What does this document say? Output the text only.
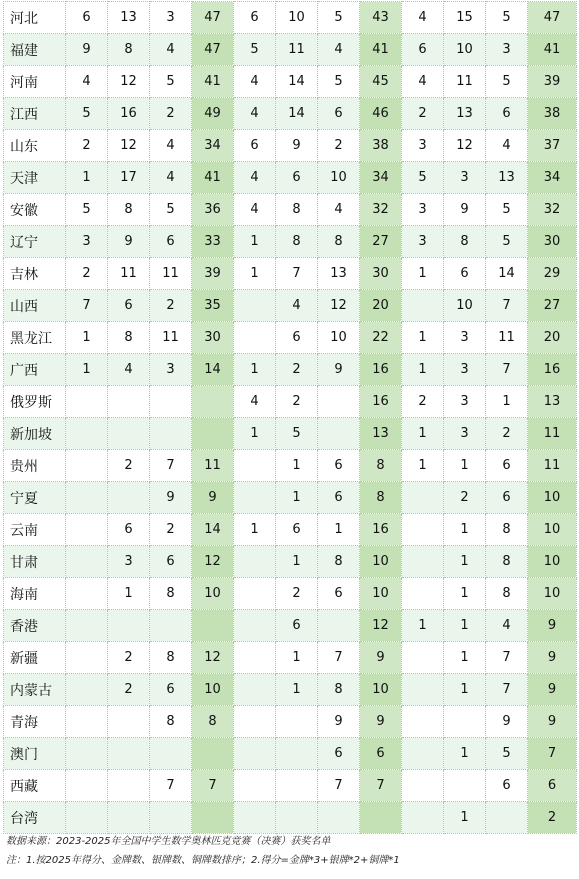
河北	6	13	3	47	6	10	5	43	4	15	5	47
福建	9	8	4	47	5	11	4	41	6	10	3	41
河南	4	12	5	41	4	14	5	45	4	11	5	39
江西	5	16	2	49	4	14	6	46	2	13	6	38
山东	2	12	4	34	6	9	2	38	3	12	4	37
天津	1	17	4	41	4	6	10	34	5	3	13	34
安徽	5	8	5	36	4	8	4	32	3	9	5	32
辽宁	3	9	6	33	1	8	8	27	3	8	5	30
吉林	2	11	11	39	1	7	13	30	1	6	14	29
山西	7	6	2	35		4	12	20		10	7	27
黑龙江	1	8	11	30		6	10	22	1	3	11	20
广西	1	4	3	14	1	2	9	16	1	3	7	16
俄罗斯					4	2		16	2	3	1	13
新加坡					1	5		13	1	3	2	11
贵州		2	7	11		1	6	8	1	1	6	11
宁夏			9	9		1	6	8		2	6	10
云南		6	2	14	1	6	1	16		1	8	10
甘肃		3	6	12		1	8	10		1	8	10
海南		1	8	10		2	6	10		1	8	10
香港						6		12	1	1	4	9
新疆		2	8	12		1	7	9		1	7	9
内蒙古		2	6	10		1	8	10		1	7	9
青海			8	8			9	9			9	9
澳门							6	6		1	5	7
西藏			7	7			7	7			6	6
台湾										1		2
数据来源：2023-2025年全国中学生数学奥林匹克竞赛（决赛）获奖名单
注：1.按2025年得分、金牌数、银牌数、铜牌数排序；2.得分=金牌*3+银牌*2+铜牌*1
